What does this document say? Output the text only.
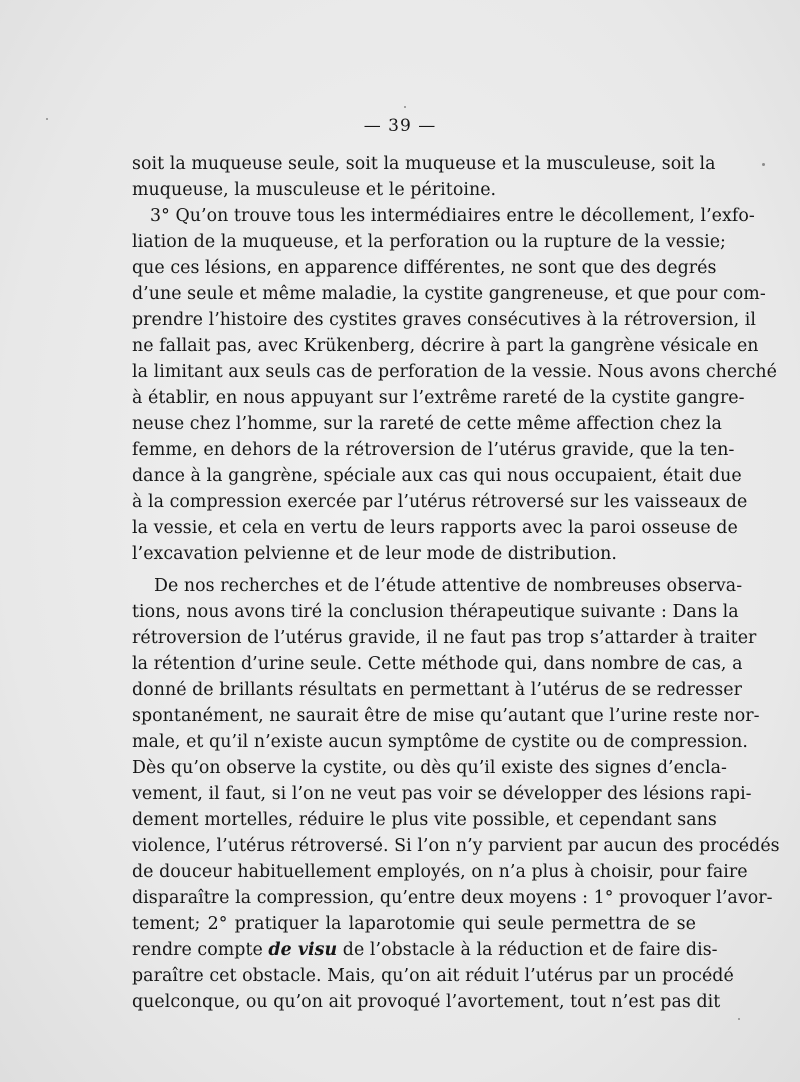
— 39 —
soit la muqueuse seule, soit la muqueuse et la musculeuse, soit la
muqueuse, la musculeuse et le péritoine.
3° Qu’on trouve tous les intermédiaires entre le décollement, l’exfo-
liation de la muqueuse, et la perforation ou la rupture de la vessie;
que ces lésions, en apparence différentes, ne sont que des degrés
d’une seule et même maladie, la cystite gangreneuse, et que pour com-
prendre l’histoire des cystites graves consécutives à la rétroversion, il
ne fallait pas, avec Krükenberg, décrire à part la gangrène vésicale en
la limitant aux seuls cas de perforation de la vessie. Nous avons cherché
à établir, en nous appuyant sur l’extrême rareté de la cystite gangre-
neuse chez l’homme, sur la rareté de cette même affection chez la
femme, en dehors de la rétroversion de l’utérus gravide, que la ten-
dance à la gangrène, spéciale aux cas qui nous occupaient, était due
à la compression exercée par l’utérus rétroversé sur les vaisseaux de
la vessie, et cela en vertu de leurs rapports avec la paroi osseuse de
l’excavation pelvienne et de leur mode de distribution.
De nos recherches et de l’étude attentive de nombreuses observa-
tions, nous avons tiré la conclusion thérapeutique suivante : Dans la
rétroversion de l’utérus gravide, il ne faut pas trop s’attarder à traiter
la rétention d’urine seule. Cette méthode qui, dans nombre de cas, a
donné de brillants résultats en permettant à l’utérus de se redresser
spontanément, ne saurait être de mise qu’autant que l’urine reste nor-
male, et qu’il n’existe aucun symptôme de cystite ou de compression.
Dès qu’on observe la cystite, ou dès qu’il existe des signes d’encla-
vement, il faut, si l’on ne veut pas voir se développer des lésions rapi-
dement mortelles, réduire le plus vite possible, et cependant sans
violence, l’utérus rétroversé. Si l’on n’y parvient par aucun des procédés
de douceur habituellement employés, on n’a plus à choisir, pour faire
disparaître la compression, qu’entre deux moyens : 1° provoquer l’avor-
tement; 2° pratiquer la laparotomie qui seule permettra de se
rendre compte de visu de l’obstacle à la réduction et de faire dis-
paraître cet obstacle. Mais, qu’on ait réduit l’utérus par un procédé
quelconque, ou qu’on ait provoqué l’avortement, tout n’est pas dit
